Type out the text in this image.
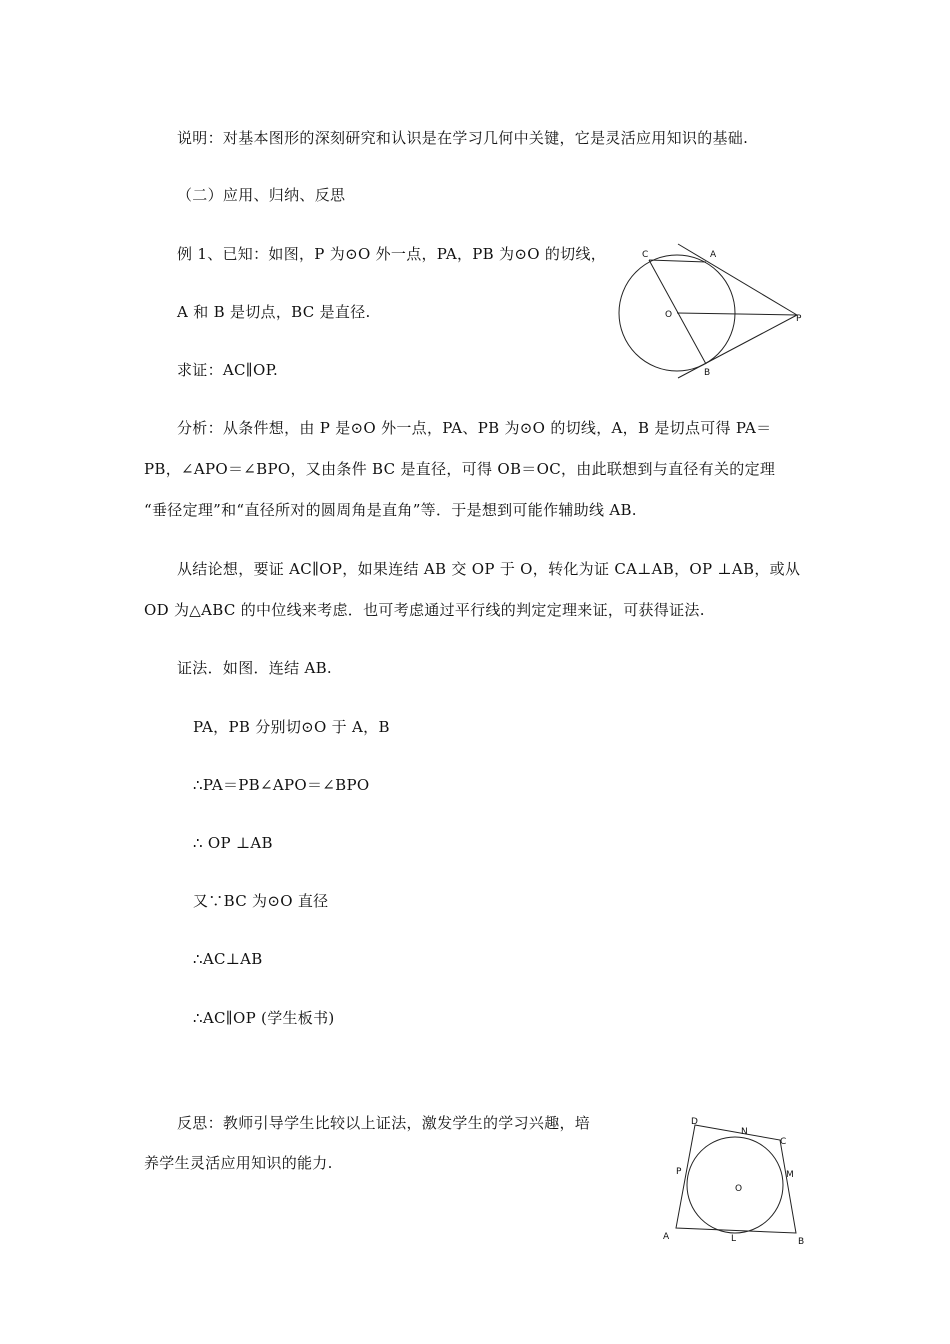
说明：对基本图形的深刻研究和认识是在学习几何中关键，它是灵活应用知识的基础.
（二）应用、归纳、反思
例 1、已知：如图，P 为⊙O 外一点，PA，PB 为⊙O 的切线，
A 和 B 是切点，BC 是直径.
求证：AC∥OP.
C	A
O	P
B
分析：从条件想，由 P 是⊙O 外一点，PA、PB 为⊙O 的切线，A，B 是切点可得 PA＝
PB，∠APO＝∠BPO，又由条件 BC 是直径，可得 OB＝OC，由此联想到与直径有关的定理
“垂径定理”和“直径所对的圆周角是直角”等．于是想到可能作辅助线 AB.
从结论想，要证 AC∥OP，如果连结 AB 交 OP 于 O，转化为证 CA⊥AB，OP ⊥AB，或从
OD 为△ABC 的中位线来考虑．也可考虑通过平行线的判定定理来证，可获得证法.
证法．如图．连结 AB.
PA，PB 分别切⊙O 于 A，B
∴PA＝PB∠APO＝∠BPO
∴ OP ⊥AB
又∵BC 为⊙O 直径
∴AC⊥AB
∴AC∥OP (学生板书)
反思：教师引导学生比较以上证法，激发学生的学习兴趣，培
养学生灵活应用知识的能力.
D
N
C
P	M
O
A	L	B
